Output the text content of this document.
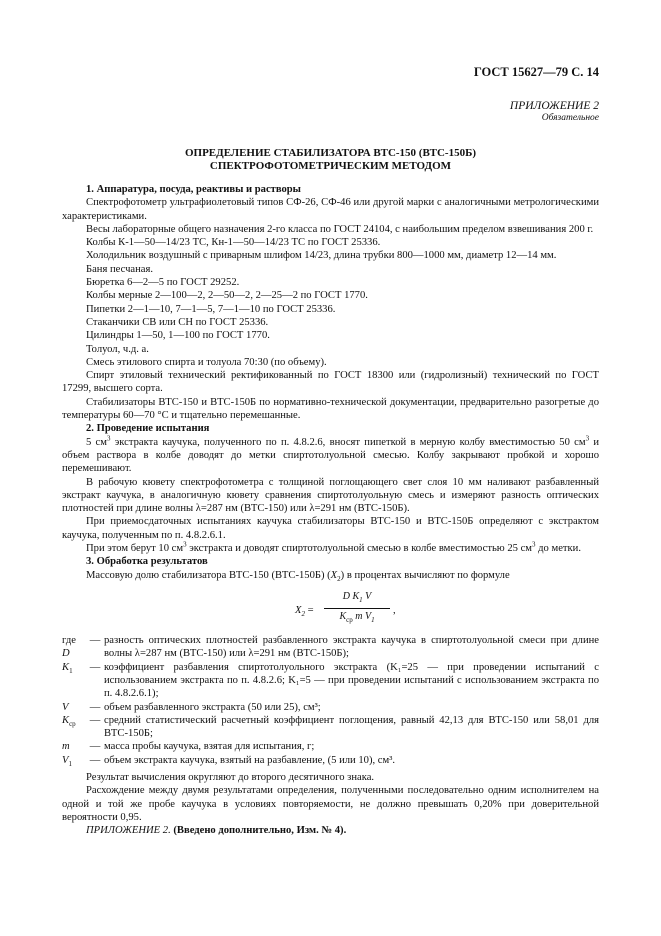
ГОСТ 15627—79 С. 14
ПРИЛОЖЕНИЕ 2
Обязательное
ОПРЕДЕЛЕНИЕ СТАБИЛИЗАТОРА ВТС-150 (ВТС-150Б)
СПЕКТРОФОТОМЕТРИЧЕСКИМ МЕТОДОМ

1. Аппаратура, посуда, реактивы и растворы

Спектрофотометр ультрафиолетовый типов СФ-26, СФ-46 или другой марки с аналогичными метрологическими характеристиками.

Весы лабораторные общего назначения 2-го класса по ГОСТ 24104, с наибольшим пределом взвешивания 200 г.

Колбы К-1—50—14/23 ТС, Кн-1—50—14/23 ТС по ГОСТ 25336.

Холодильник воздушный с приварным шлифом 14/23, длина трубки 800—1000 мм, диаметр 12—14 мм.

Баня песчаная.

Бюретка 6—2—5 по ГОСТ 29252.

Колбы мерные 2—100—2, 2—50—2, 2—25—2 по ГОСТ 1770.

Пипетки 2—1—10, 7—1—5, 7—1—10 по ГОСТ 25336.

Стаканчики СВ или СН по ГОСТ 25336.

Цилиндры 1—50, 1—100 по ГОСТ 1770.

Толуол, ч.д. а.

Смесь этилового спирта и толуола 70:30 (по объему).

Спирт этиловый технический ректификованный по ГОСТ 18300 или (гидролизный) технический по ГОСТ 17299, высшего сорта.

Стабилизаторы ВТС-150 и ВТС-150Б по нормативно-технической документации, предварительно разогретые до температуры 60—70 °С и тщательно перемешанные.

2. Проведение испытания

5 $см^3$ экстракта каучука, полученного по п. 4.8.2.6, вносят пипеткой в мерную колбу вместимостью 50 $см^3$ и объем раствора в колбе доводят до метки спиртотолуольной смесью. Колбу закрывают пробкой и хорошо перемешивают.

В рабочую кювету спектрофотометра с толщиной поглощающего свет слоя 10 мм наливают разбавленный экстракт каучука, в аналогичную кювету сравнения спиртотолуольную смесь и измеряют разность оптических плотностей при длине волны λ=287 нм (ВТС-150) или λ=291 нм (ВТС-150Б).

При приемосдаточных испытаниях каучука стабилизаторы ВТС-150 и ВТС-150Б определяют с экстрактом каучука, полученным по п. 4.8.2.6.1.

При этом берут 10 $см^3$ экстракта и доводят спиртотолуольной смесью в колбе вместимостью 25 $см^3$ до метки.

3. Обработка результатов

Массовую долю стабилизатора ВТС-150 (ВТС-150Б) $(X_2)$ в процентах вычисляют по формуле

$X_2$ =
D $K_1$ V
$K_{ср}$ m $V_1$
,
где D	—	разность оптических плотностей разбавленного экстракта каучука в спиртотолуольной смеси при длине волны λ=287 нм (ВТС-150) или λ=291 нм (ВТС-150Б);
$K_1$	—	коэффициент разбавления спиртотолуольного экстракта (K₁=25 — при проведении испытаний с использованием экстракта по п. 4.8.2.6; K₁=5 — при проведении испытаний с использованием экстракта по п. 4.8.2.6.1);
V	—	объем разбавленного экстракта (50 или 25), см³;
$K_{ср}$	—	средний статистический расчетный коэффициент поглощения, равный 42,13 для ВТС-150 или 58,01 для ВТС-150Б;
m	—	масса пробы каучука, взятая для испытания, г;
$V_1$	—	объем экстракта каучука, взятый на разбавление, (5 или 10), см³.

Результат вычисления округляют до второго десятичного знака.

Расхождение между двумя результатами определения, полученными последовательно одним исполнителем на одной и той же пробе каучука в условиях повторяемости, не должно превышать 0,20% при доверительной вероятности 0,95.

ПРИЛОЖЕНИЕ 2. (Введено дополнительно, Изм. № 4).
